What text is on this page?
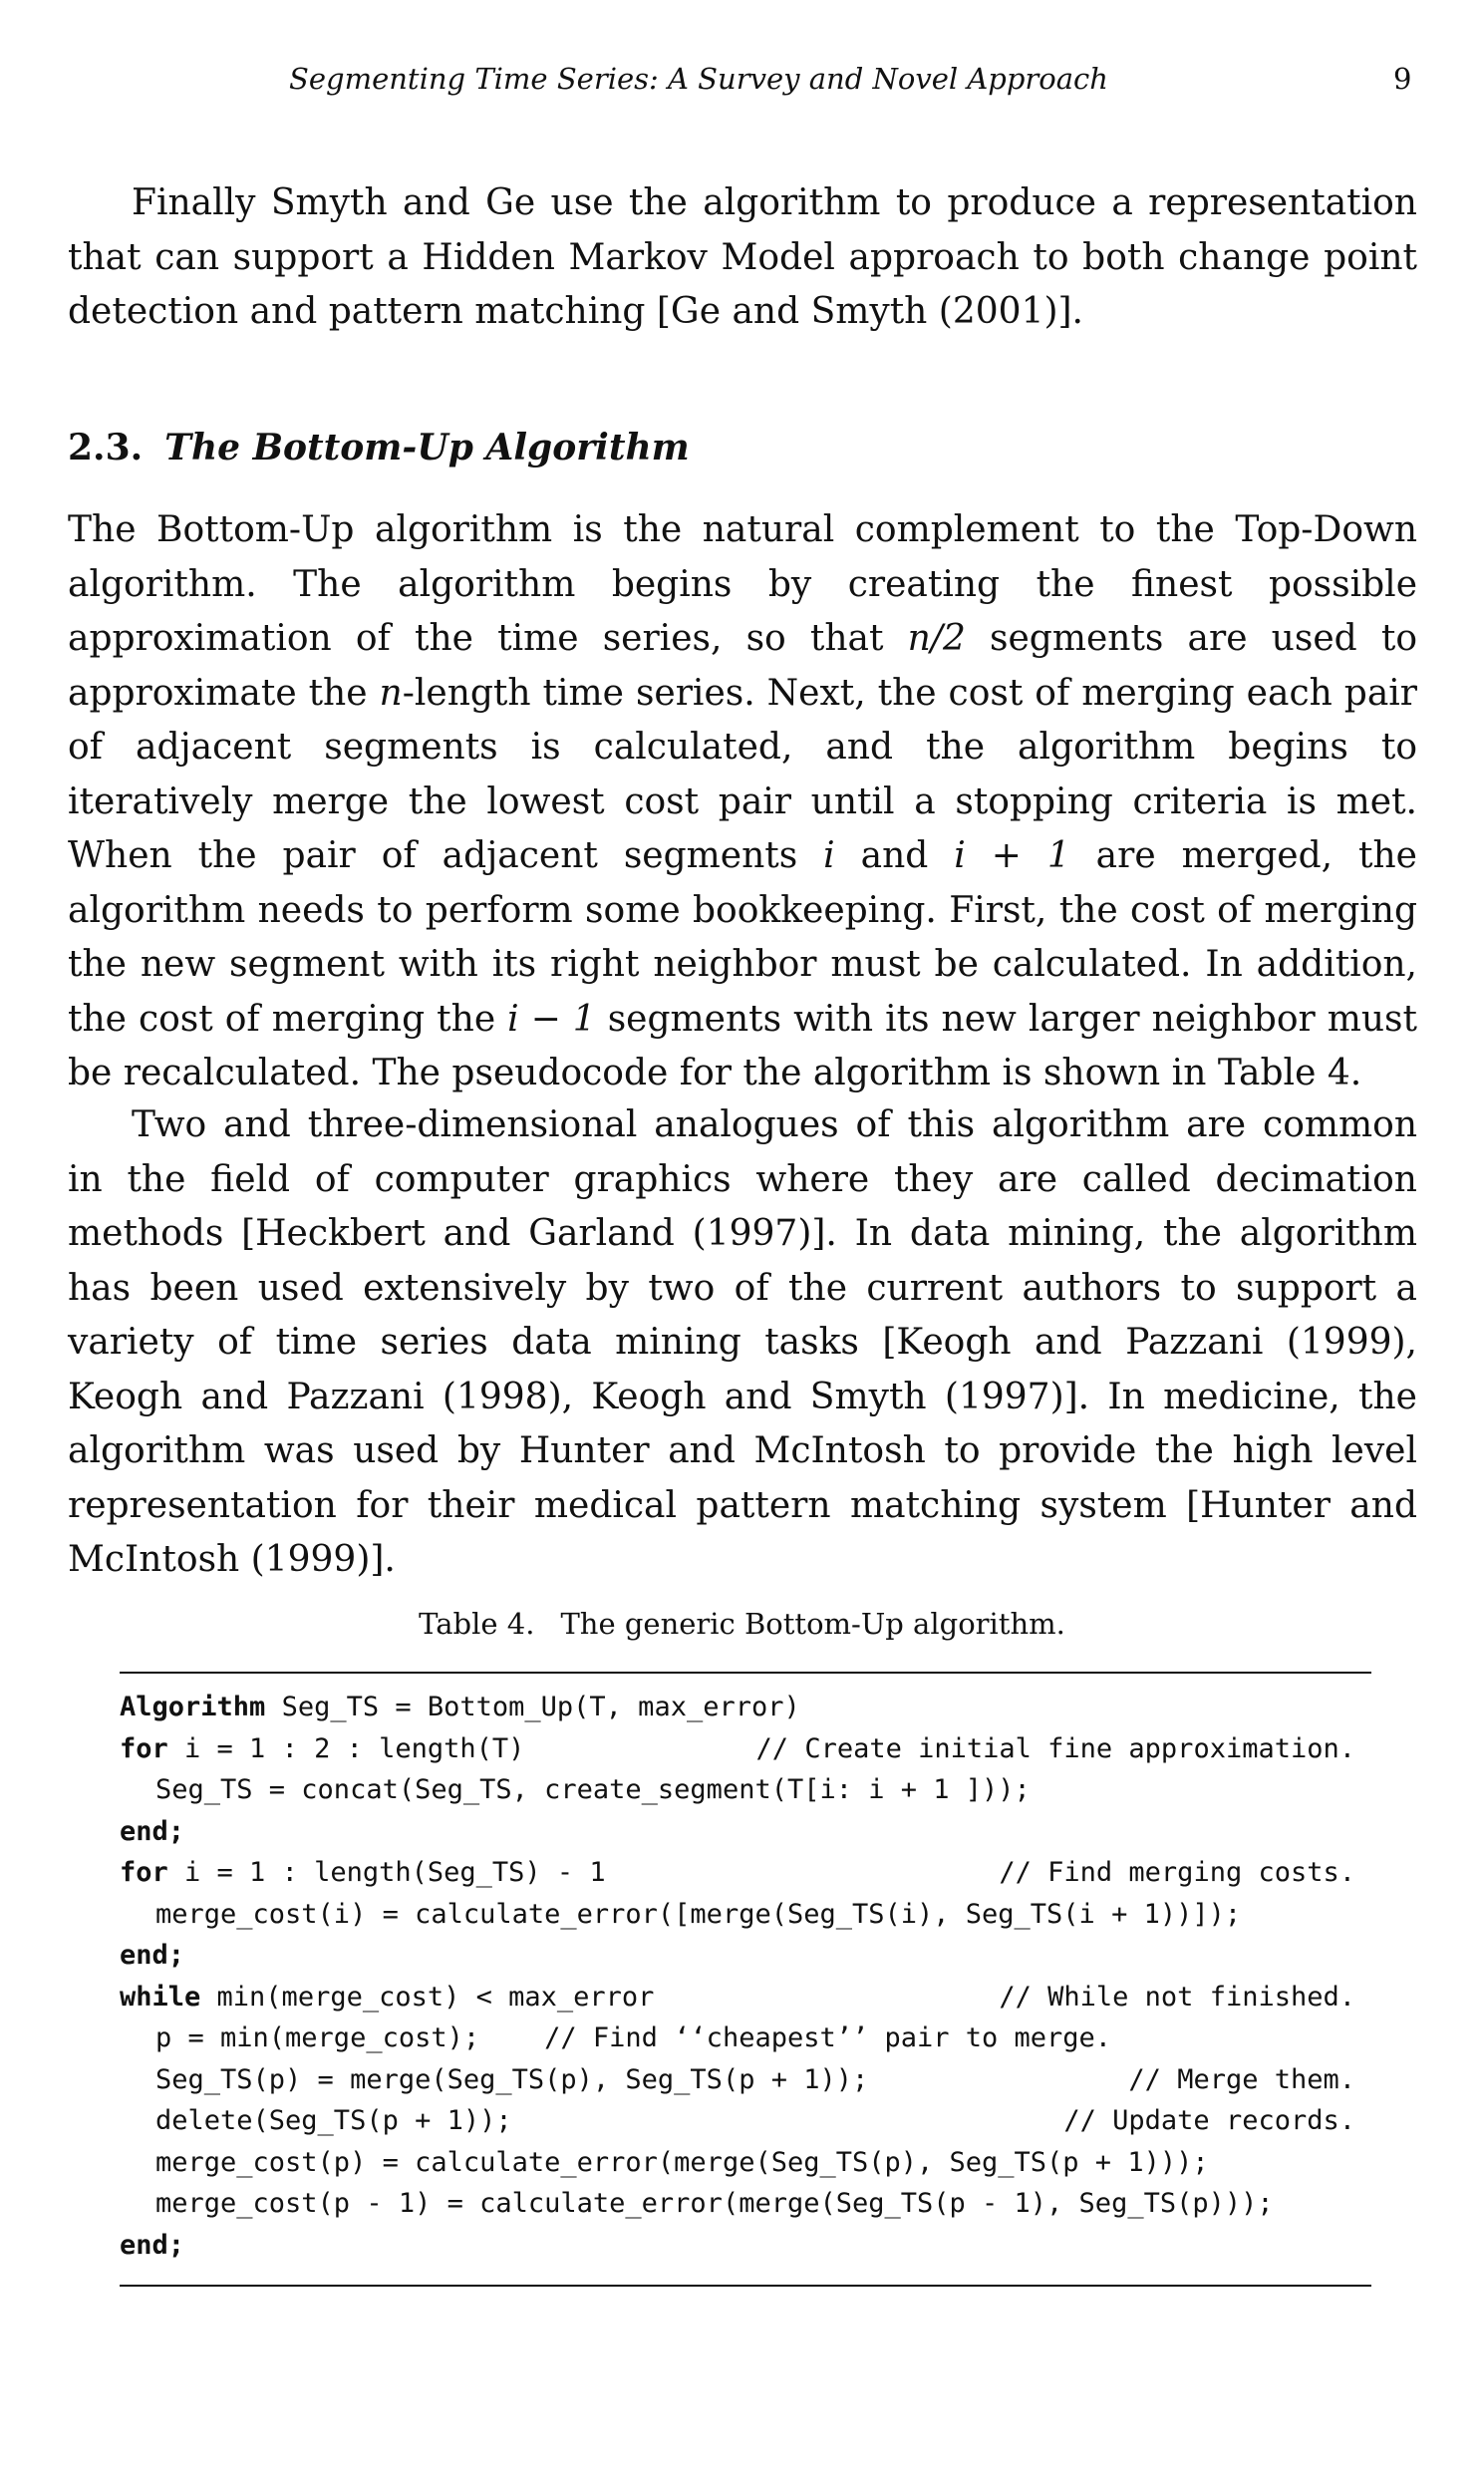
Segmenting Time Series: A Survey and Novel Approach	9

Finally Smyth and Ge use the algorithm to produce a representation that can support a Hidden Markov Model approach to both change point detection and pattern matching [Ge and Smyth (2001)].

2.3. The Bottom-Up Algorithm

The Bottom-Up algorithm is the natural complement to the Top-Down algorithm. The algorithm begins by creating the finest possible approximation of the time series, so that n/2 segments are used to approximate the n-length time series. Next, the cost of merging each pair of adjacent segments is calculated, and the algorithm begins to iteratively merge the lowest cost pair until a stopping criteria is met. When the pair of adjacent segments i and i + 1 are merged, the algorithm needs to perform some bookkeeping. First, the cost of merging the new segment with its right neighbor must be calculated. In addition, the cost of merging the i − 1 segments with its new larger neighbor must be recalculated. The pseudocode for the algorithm is shown in Table 4.

Two and three-dimensional analogues of this algorithm are common in the field of computer graphics where they are called decimation methods [Heckbert and Garland (1997)]. In data mining, the algorithm has been used extensively by two of the current authors to support a variety of time series data mining tasks [Keogh and Pazzani (1999), Keogh and Pazzani (1998), Keogh and Smyth (1997)]. In medicine, the algorithm was used by Hunter and McIntosh to provide the high level representation for their medical pattern matching system [Hunter and McIntosh (1999)].

Table 4. The generic Bottom-Up algorithm.
Algorithm Seg_TS = Bottom_Up(T, max_error)
for i = 1 : 2 : length(T)	// Create initial fine approximation.
Seg_TS = concat(Seg_TS, create_segment(T[i: i + 1 ]));
end;
for i = 1 : length(Seg_TS) - 1	// Find merging costs.
merge_cost(i) = calculate_error([merge(Seg_TS(i), Seg_TS(i + 1))]);
end;
while min(merge_cost) < max_error	// While not finished.
p = min(merge_cost);    // Find ‘‘cheapest’’ pair to merge.
Seg_TS(p) = merge(Seg_TS(p), Seg_TS(p + 1));	// Merge them.
delete(Seg_TS(p + 1));	// Update records.
merge_cost(p) = calculate_error(merge(Seg_TS(p), Seg_TS(p + 1)));
merge_cost(p - 1) = calculate_error(merge(Seg_TS(p - 1), Seg_TS(p)));
end;
